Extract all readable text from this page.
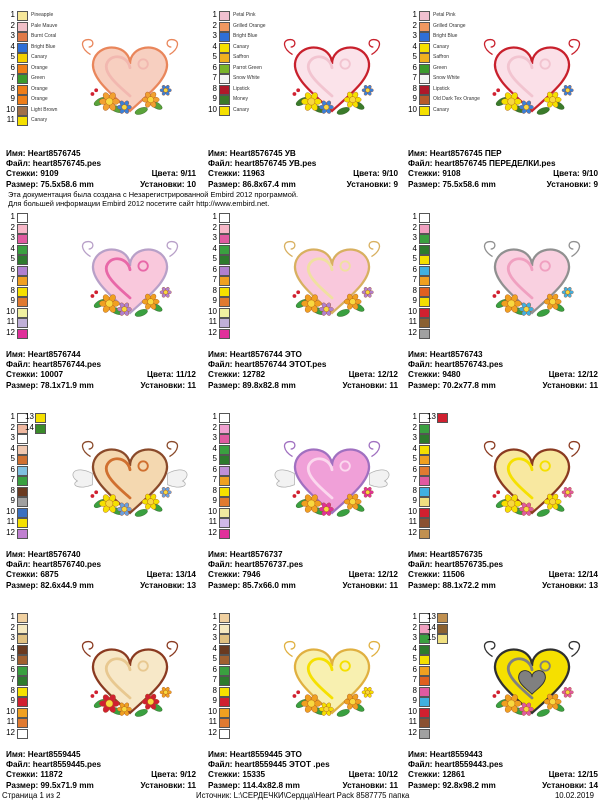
1	Pineapple
2	Pale Mauve
3	Burnt Coral
4	Bright Blue
5	Canary
6	Orange
7	Green
8	Orange
9	Orange
10	Light Brown
11	Canary
Имя: Heart8576745
Файл: heart8576745.pes
Стежки: 9109	Цвета: 9/11
Размер: 75.5x58.6 mm	Установки: 10
1	Petal Pink
2	Grilled Orange
3	Bright Blue
4	Canary
5	Saffron
6	Parrot Green
7	Snow White
8	Lipstick
9	Money
10	Canary
Имя: Heart8576745 УВ
Файл: heart8576745 УВ.pes
Стежки: 11963	Цвета: 9/10
Размер: 86.8x67.4 mm	Установки: 9
1	Petal Pink
2	Grilled Orange
3	Bright Blue
4	Canary
5	Saffron
6	Green
7	Snow White
8	Lipstick
9	Old Dark Tex Orange
10	Canary
Имя: Heart8576745 ПЕР
Файл: heart8576745 ПЕРЕДЕЛКИ.pes
Стежки: 9108	Цвета: 9/10
Размер: 75.5x58.6 mm	Установки: 9
1
2
3
4
5
6
7
8
9
10
11
12
Имя: Heart8576744
Файл: heart8576744.pes
Стежки: 10007	Цвета: 11/12
Размер: 78.1x71.9 mm	Установки: 11
1
2
3
4
5
6
7
8
9
10
11
12
Имя: Heart8576744 ЭТО
Файл: heart8576744 ЭТОТ.pes
Стежки: 12782	Цвета: 12/12
Размер: 89.8x82.8 mm	Установки: 11
1
2
3
4
5
6
7
8
9
10
11
12
Имя: Heart8576743
Файл: heart8576743.pes
Стежки: 9480	Цвета: 12/12
Размер: 70.2x77.8 mm	Установки: 11
1 13
2 14
3
4
5
6
7
8
9
10
11
12
Имя: Heart8576740
Файл: heart8576740.pes
Стежки: 6875	Цвета: 13/14
Размер: 82.6x44.9 mm	Установки: 13
1
2
3
4
5
6
7
8
9
10
11
12
Имя: Heart8576737
Файл: heart8576737.pes
Стежки: 7946	Цвета: 12/12
Размер: 85.7x66.0 mm	Установки: 11
1 13
2
3
4
5
6
7
8
9
10
11
12
Имя: Heart8576735
Файл: heart8576735.pes
Стежки: 11506	Цвета: 12/14
Размер: 88.1x72.2 mm	Установки: 13
1
2
3
4
5
6
7
8
9
10
11
12
Имя: Heart8559445
Файл: heart8559445.pes
Стежки: 11872	Цвета: 9/12
Размер: 99.5x71.9 mm	Установки: 11
1
2
3
4
5
6
7
8
9
10
11
12
Имя: Heart8559445 ЭТО
Файл: heart8559445 ЭТОТ .pes
Стежки: 15335	Цвета: 10/12
Размер: 114.4x82.8 mm	Установки: 11
1 13
2 14
3 15
4
5
6
7
8
9
10
11
12
Имя: Heart8559443
Файл: heart8559443.pes
Стежки: 12861	Цвета: 12/15
Размер: 92.8x98.2 mm	Установки: 14
Эта документация была создана с Незарегистрированной Embird 2012 программой.
Для большей информации Embird 2012 посетите сайт http://www.embird.net.
Страница 1 из 2	Источник: L:\СЕРДЕЧКИ\Сердца\Heart Pack 8587775 папка	10.02.2019
